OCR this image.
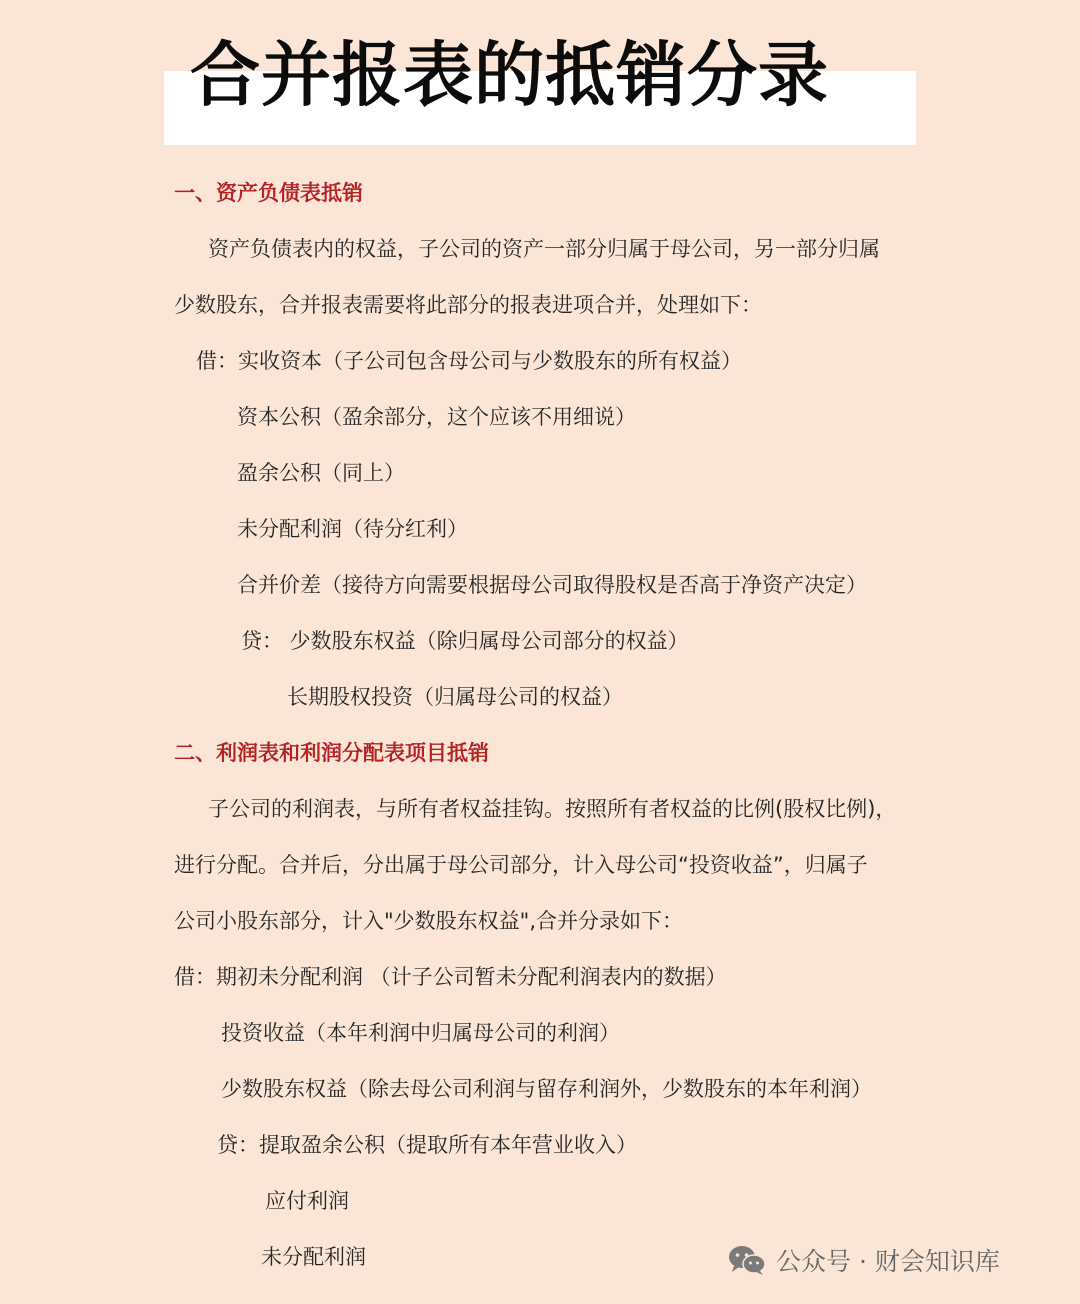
合并报表的抵销分录
一、资产负债表抵销
资产负债表内的权益，子公司的资产一部分归属于母公司，另一部分归属
少数股东，合并报表需要将此部分的报表进项合并，处理如下：
借：实收资本（子公司包含母公司与少数股东的所有权益）
资本公积（盈余部分，这个应该不用细说）
盈余公积（同上）
未分配利润（待分红利）
合并价差（接待方向需要根据母公司取得股权是否高于净资产决定）
贷： 少数股东权益（除归属母公司部分的权益）
长期股权投资（归属母公司的权益）
二、利润表和利润分配表项目抵销
子公司的利润表，与所有者权益挂钩。按照所有者权益的比例(股权比例)，
进行分配。合并后，分出属于母公司部分，计入母公司“投资收益”，归属子
公司小股东部分，计入"少数股东权益",合并分录如下：
借：期初未分配利润 （计子公司暂未分配利润表内的数据）
投资收益（本年利润中归属母公司的利润）
少数股东权益（除去母公司利润与留存利润外，少数股东的本年利润）
贷：提取盈余公积（提取所有本年营业收入）
应付利润
未分配利润	公众号 · 财会知识库
